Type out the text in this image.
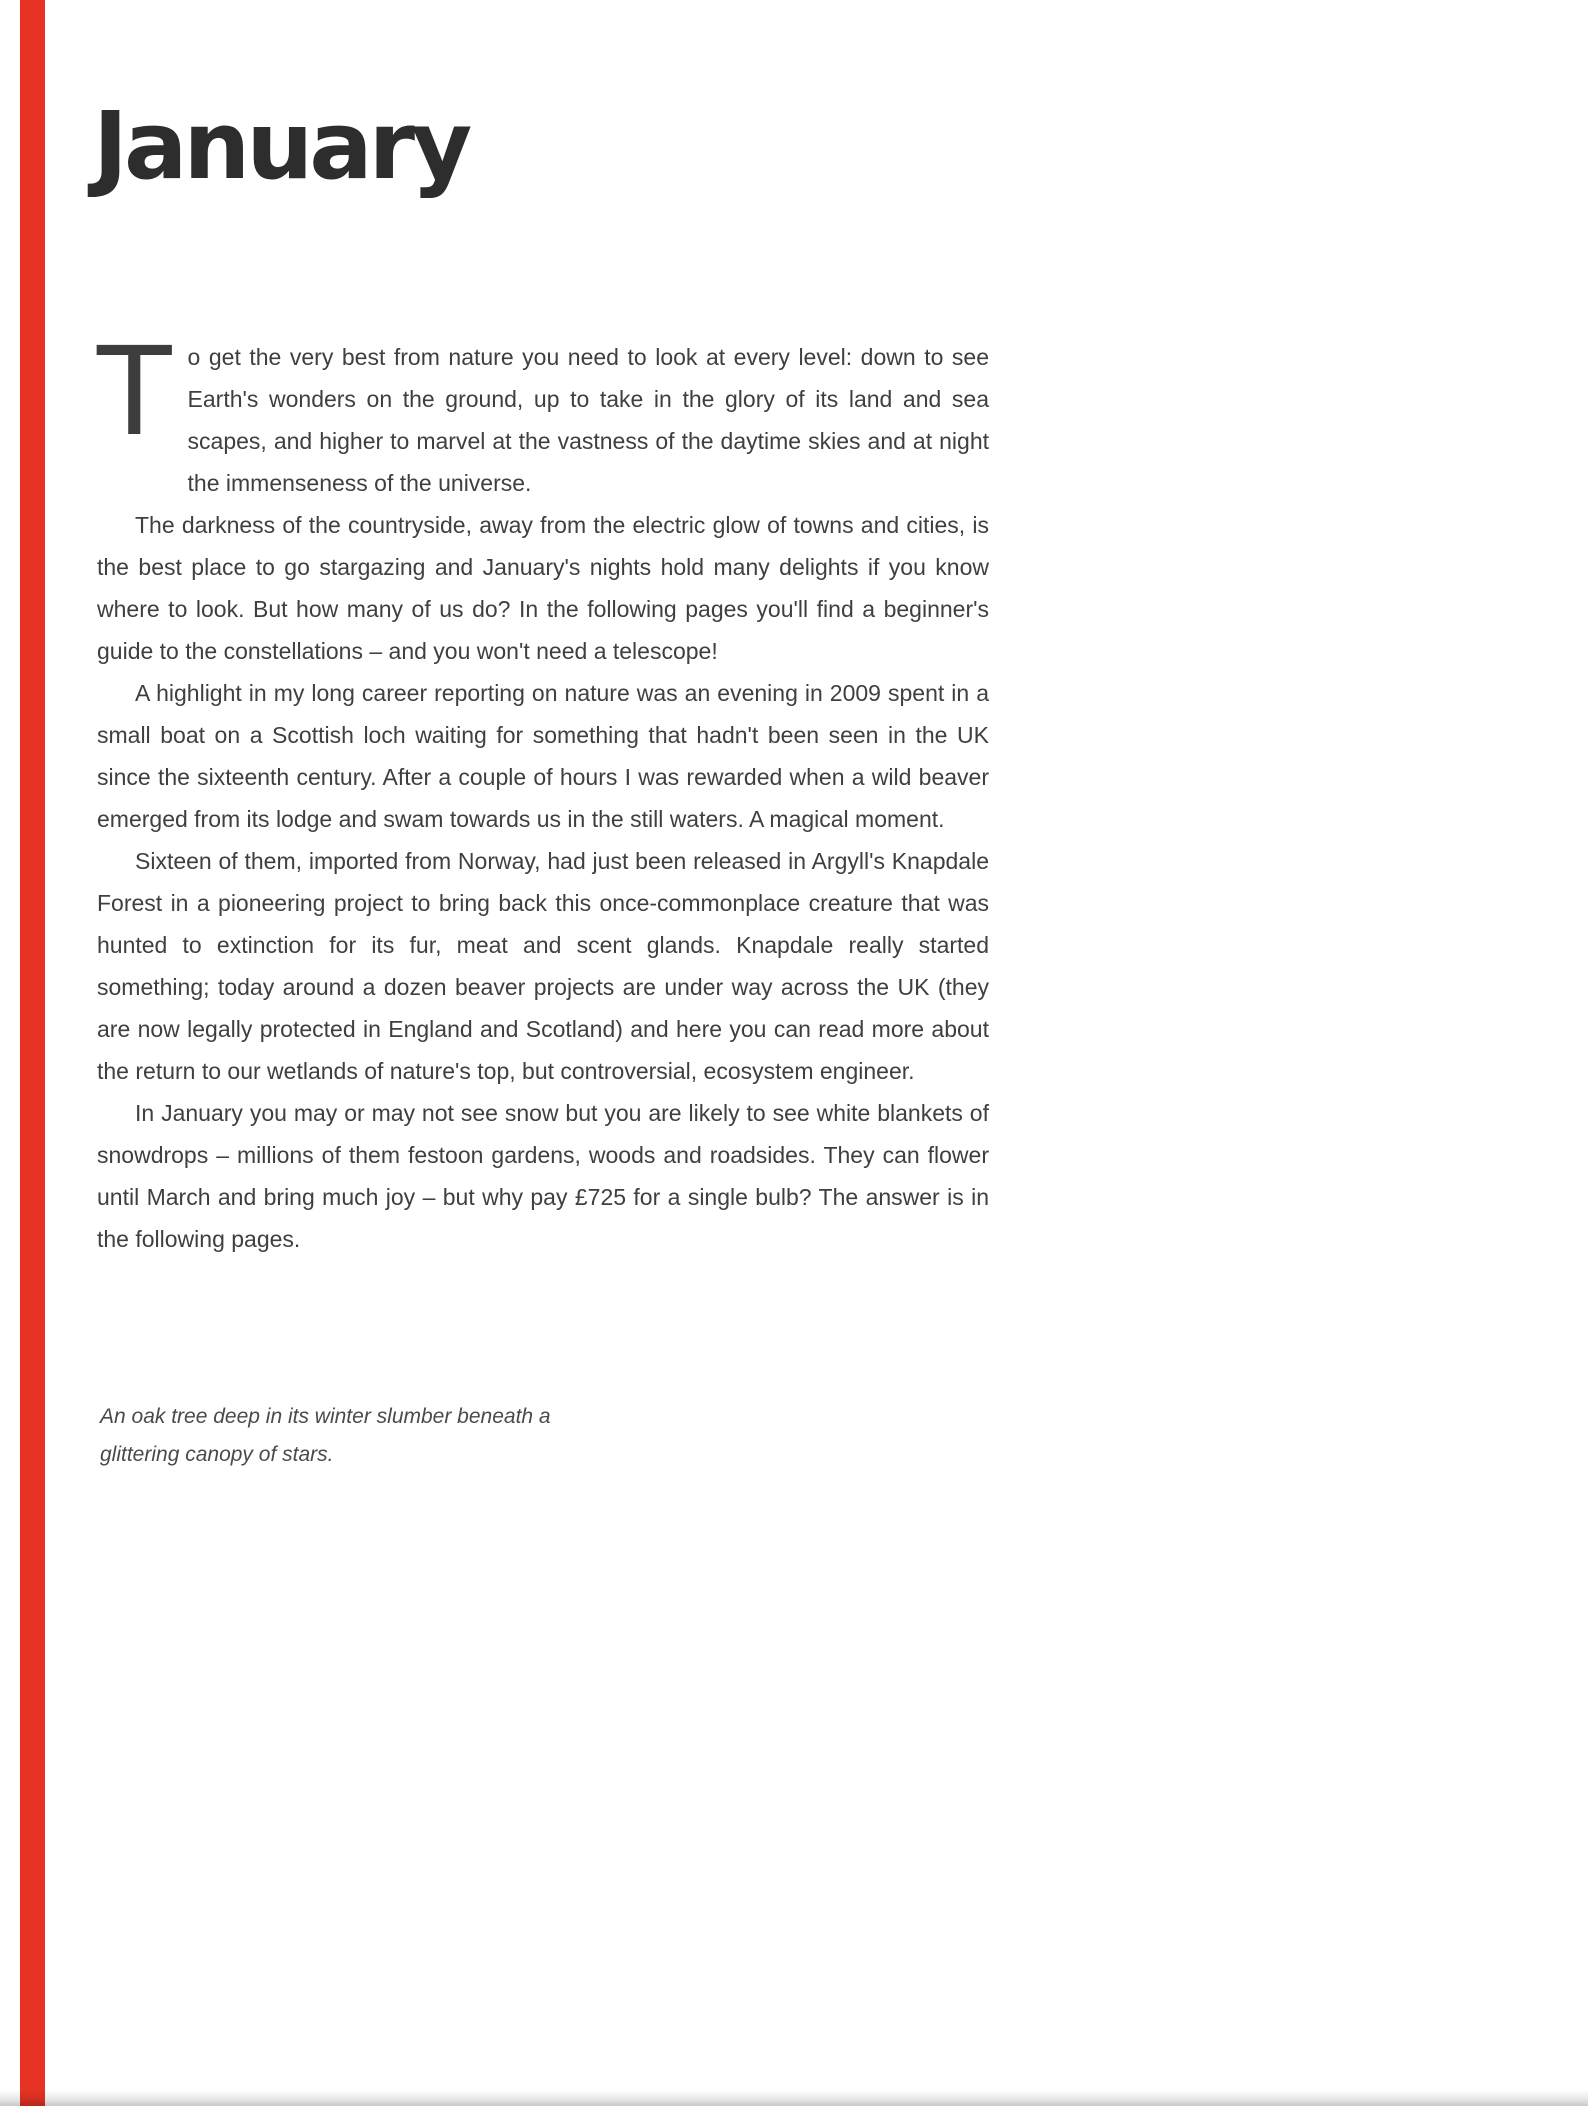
January

To get the very best from nature you need to look at every level: down to see Earth's wonders on the ground, up to take in the glory of its land and sea scapes, and higher to marvel at the vastness of the daytime skies and at night the immenseness of the universe.

The darkness of the countryside, away from the electric glow of towns and cities, is the best place to go stargazing and January's nights hold many delights if you know where to look. But how many of us do? In the following pages you'll find a beginner's guide to the constellations – and you won't need a telescope!

A highlight in my long career reporting on nature was an evening in 2009 spent in a small boat on a Scottish loch waiting for something that hadn't been seen in the UK since the sixteenth century. After a couple of hours I was rewarded when a wild beaver emerged from its lodge and swam towards us in the still waters. A magical moment.

Sixteen of them, imported from Norway, had just been released in Argyll's Knapdale Forest in a pioneering project to bring back this once-commonplace creature that was hunted to extinction for its fur, meat and scent glands. Knapdale really started something; today around a dozen beaver projects are under way across the UK (they are now legally protected in England and Scotland) and here you can read more about the return to our wetlands of nature's top, but controversial, ecosystem engineer.

In January you may or may not see snow but you are likely to see white blankets of snowdrops – millions of them festoon gardens, woods and roadsides. They can flower until March and bring much joy – but why pay £725 for a single bulb? The answer is in the following pages.

An oak tree deep in its winter slumber beneath a glittering canopy of stars.
